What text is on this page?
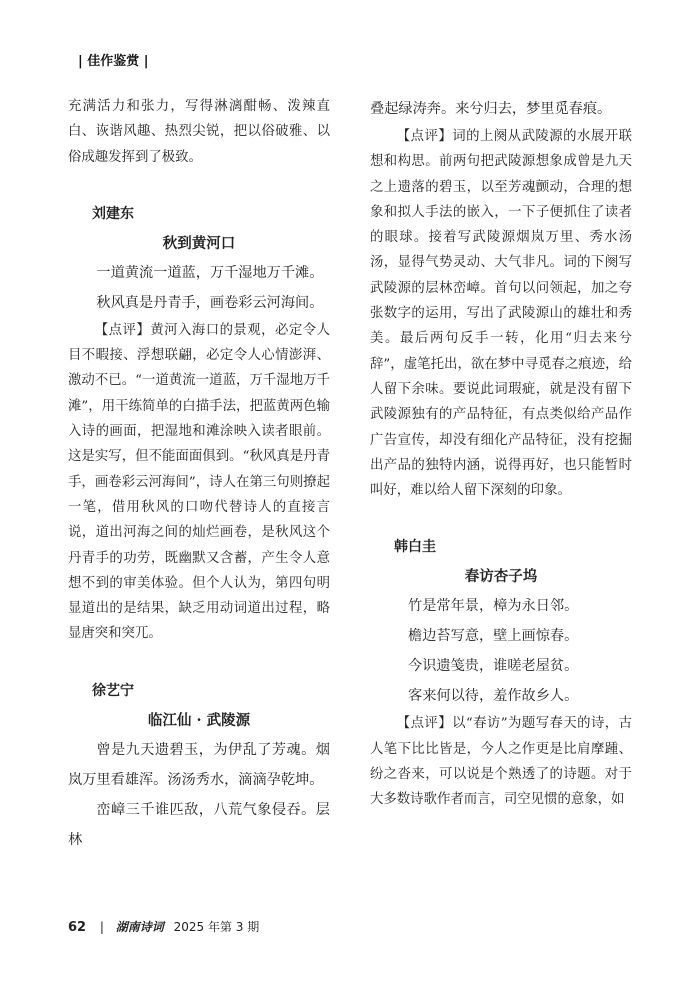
| 佳作鉴赏 |

充满活力和张力，写得淋漓酣畅、泼辣直白、诙谐风趣、热烈尖锐，把以俗破雅、以俗成趣发挥到了极致。

刘建东
秋到黄河口

一道黄流一道蓝，万千湿地万千滩。

秋风真是丹青手，画卷彩云河海间。

【点评】黄河入海口的景观，必定令人目不暇接、浮想联翩，必定令人心情澎湃、激动不已。“一道黄流一道蓝，万千湿地万千滩”，用干练简单的白描手法，把蓝黄两色输入诗的画面，把湿地和滩涂映入读者眼前。这是实写，但不能面面俱到。“秋风真是丹青手，画卷彩云河海间”，诗人在第三句则撩起一笔，借用秋风的口吻代替诗人的直接言说，道出河海之间的灿烂画卷，是秋风这个丹青手的功劳，既幽默又含蓄，产生令人意想不到的审美体验。但个人认为，第四句明显道出的是结果，缺乏用动词道出过程，略显唐突和突兀。

徐艺宁
临江仙 · 武陵源

曾是九天遗碧玉，为伊乱了芳魂。烟岚万里看雄浑。汤汤秀水，滴滴孕乾坤。

峦嶂三千谁匹敌，八荒气象侵吞。层林

叠起绿涛奔。来兮归去，梦里觅春痕。

【点评】词的上阕从武陵源的水展开联想和构思。前两句把武陵源想象成曾是九天之上遗落的碧玉，以至芳魂颤动，合理的想象和拟人手法的嵌入，一下子便抓住了读者的眼球。接着写武陵源烟岚万里、秀水汤汤，显得气势灵动、大气非凡。词的下阕写武陵源的层林峦嶂。首句以问领起，加之夸张数字的运用，写出了武陵源山的雄壮和秀美。最后两句反手一转，化用“归去来兮辞”，虚笔托出，欲在梦中寻觅春之痕迹，给人留下余味。要说此词瑕疵，就是没有留下武陵源独有的产品特征，有点类似给产品作广告宣传，却没有细化产品特征，没有挖掘出产品的独特内涵，说得再好，也只能暂时叫好，难以给人留下深刻的印象。

韩白圭
春访杏子坞

竹是常年景，樟为永日邻。

檐边苔写意，壁上画惊春。

今识遗笺贵，谁嗟老屋贫。

客来何以待，羞作故乡人。

【点评】以“春访”为题写春天的诗，古人笔下比比皆是，今人之作更是比肩摩踵、纷之沓来，可以说是个熟透了的诗题。对于大多数诗歌作者而言，司空见惯的意象，如

62 | 湖南诗词 2025 年第 3 期
